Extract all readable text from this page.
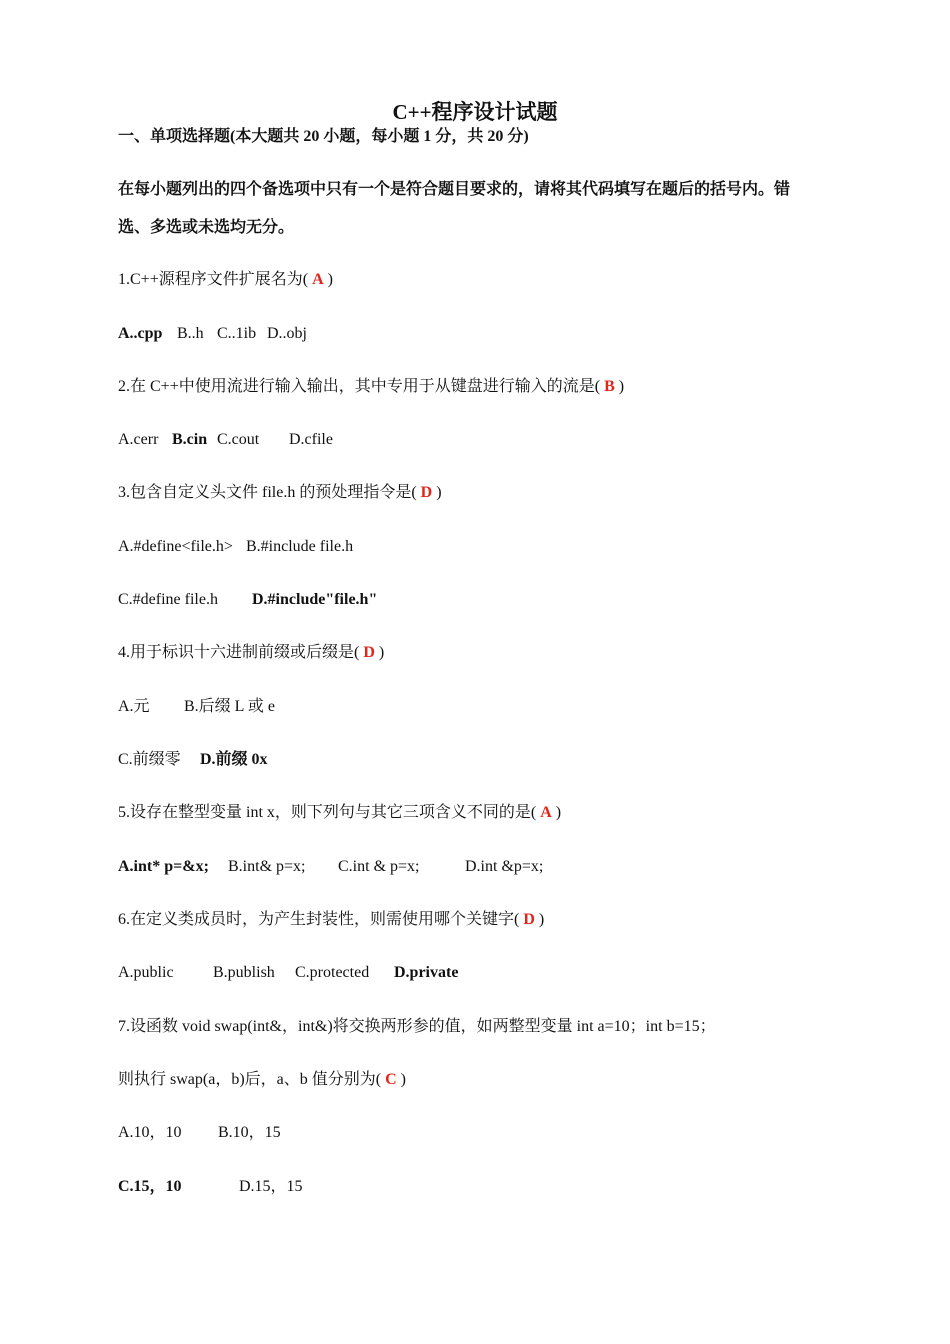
C++程序设计试题
一、单项选择题(本大题共 20 小题，每小题 1 分，共 20 分)
在每小题列出的四个备选项中只有一个是符合题目要求的，请将其代码填写在题后的括号内。错
选、多选或未选均无分。
1.C++源程序文件扩展名为( A )
A..cpp B..h C..1ib D..obj
2.在 C++中使用流进行输入输出，其中专用于从键盘进行输入的流是( B )
A.cerr B.cin C.cout D.cfile
3.包含自定义头文件 file.h 的预处理指令是( D )
A.#define<file.h> B.#include file.h
C.#define file.h D.#include"file.h"
4.用于标识十六进制前缀或后缀是( D )
A.元 B.后缀 L 或 e
C.前缀零 D.前缀 0x
5.设存在整型变量 int x，则下列句与其它三项含义不同的是( A )
A.int* p=&x; B.int& p=x; C.int & p=x;	D.int &p=x;
6.在定义类成员时，为产生封装性，则需使用哪个关键字( D )
A.public B.publish C.protected D.private
7.设函数 void swap(int&，int&)将交换两形参的值，如两整型变量 int a=10；int b=15；
则执行 swap(a，b)后，a、b 值分别为( C )
A.10，10 B.10，15
C.15，10	D.15，15
